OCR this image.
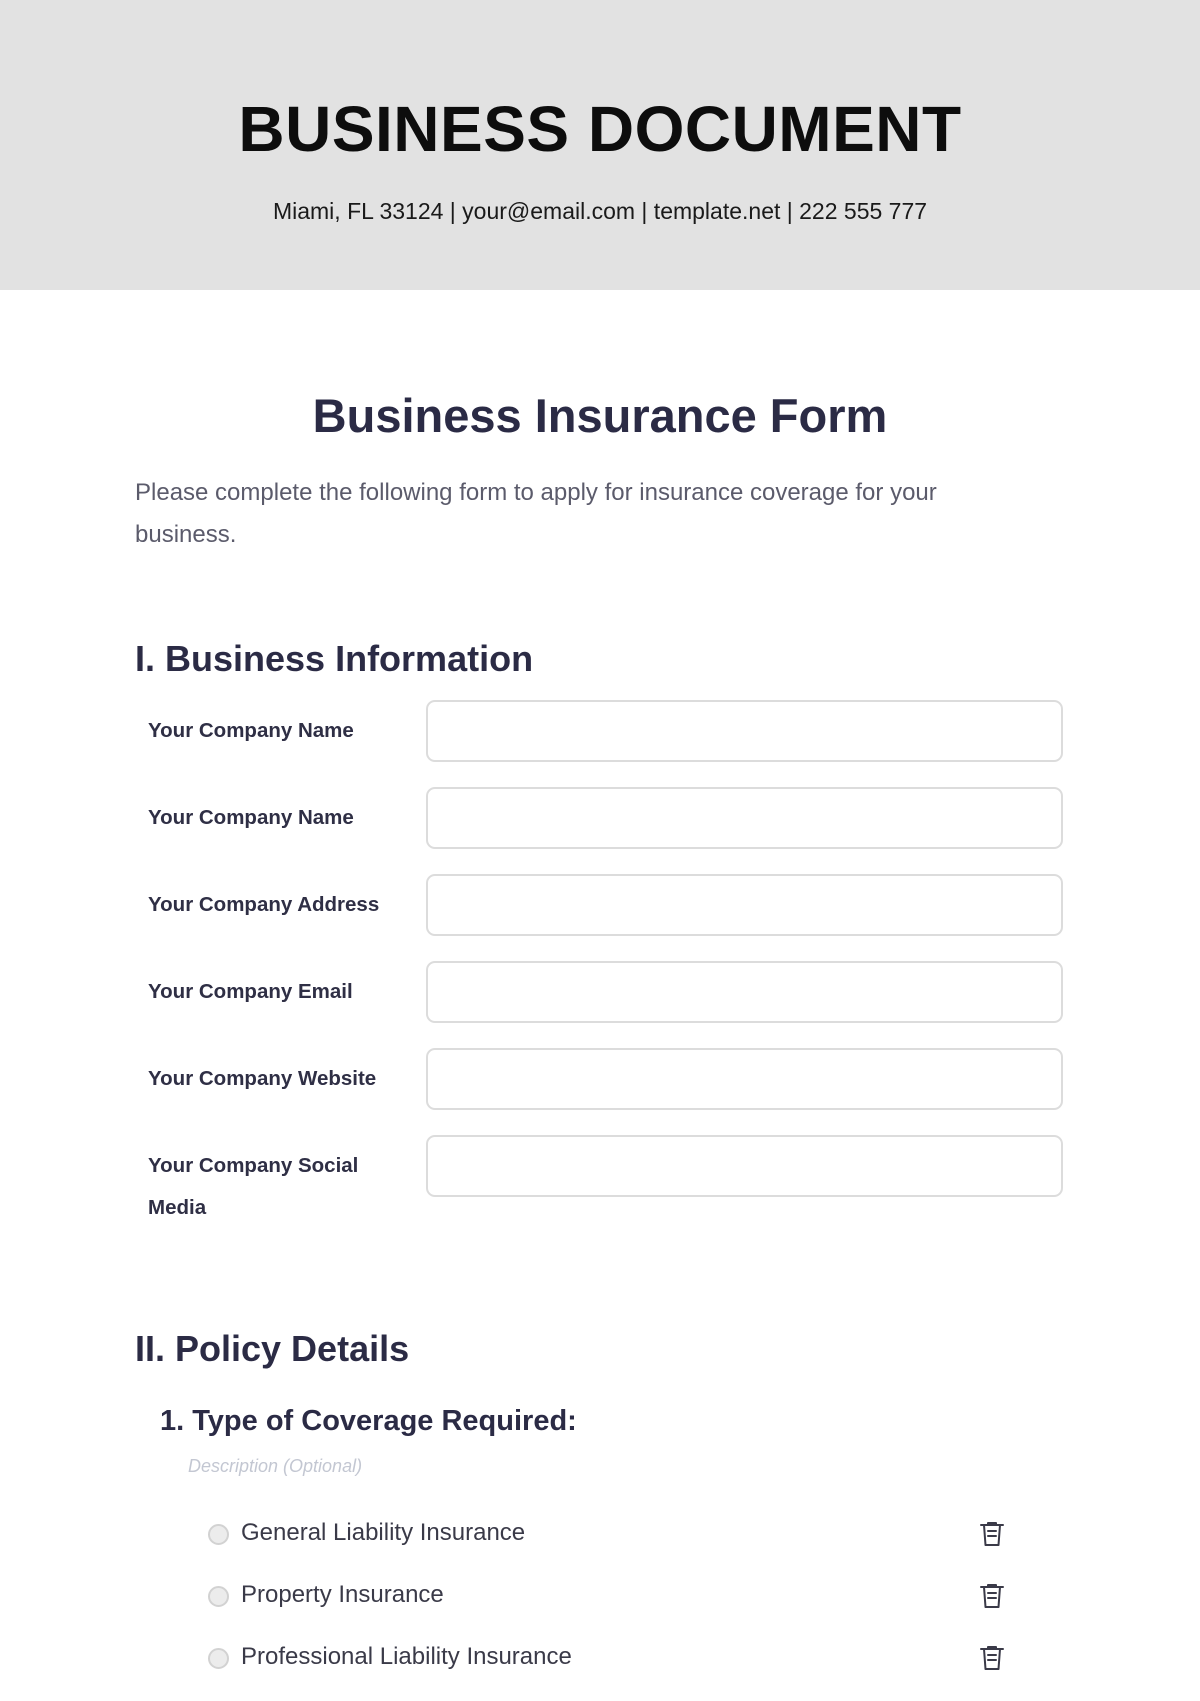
BUSINESS DOCUMENT
Miami, FL 33124 | your@email.com | template.net | 222 555 777
Business Insurance Form
Please complete the following form to apply for insurance coverage for your business.
I. Business Information
Your Company Name
Your Company Name
Your Company Address
Your Company Email
Your Company Website
Your Company Social Media
II. Policy Details
1. Type of Coverage Required:
Description (Optional)
General Liability Insurance
Property Insurance
Professional Liability Insurance
